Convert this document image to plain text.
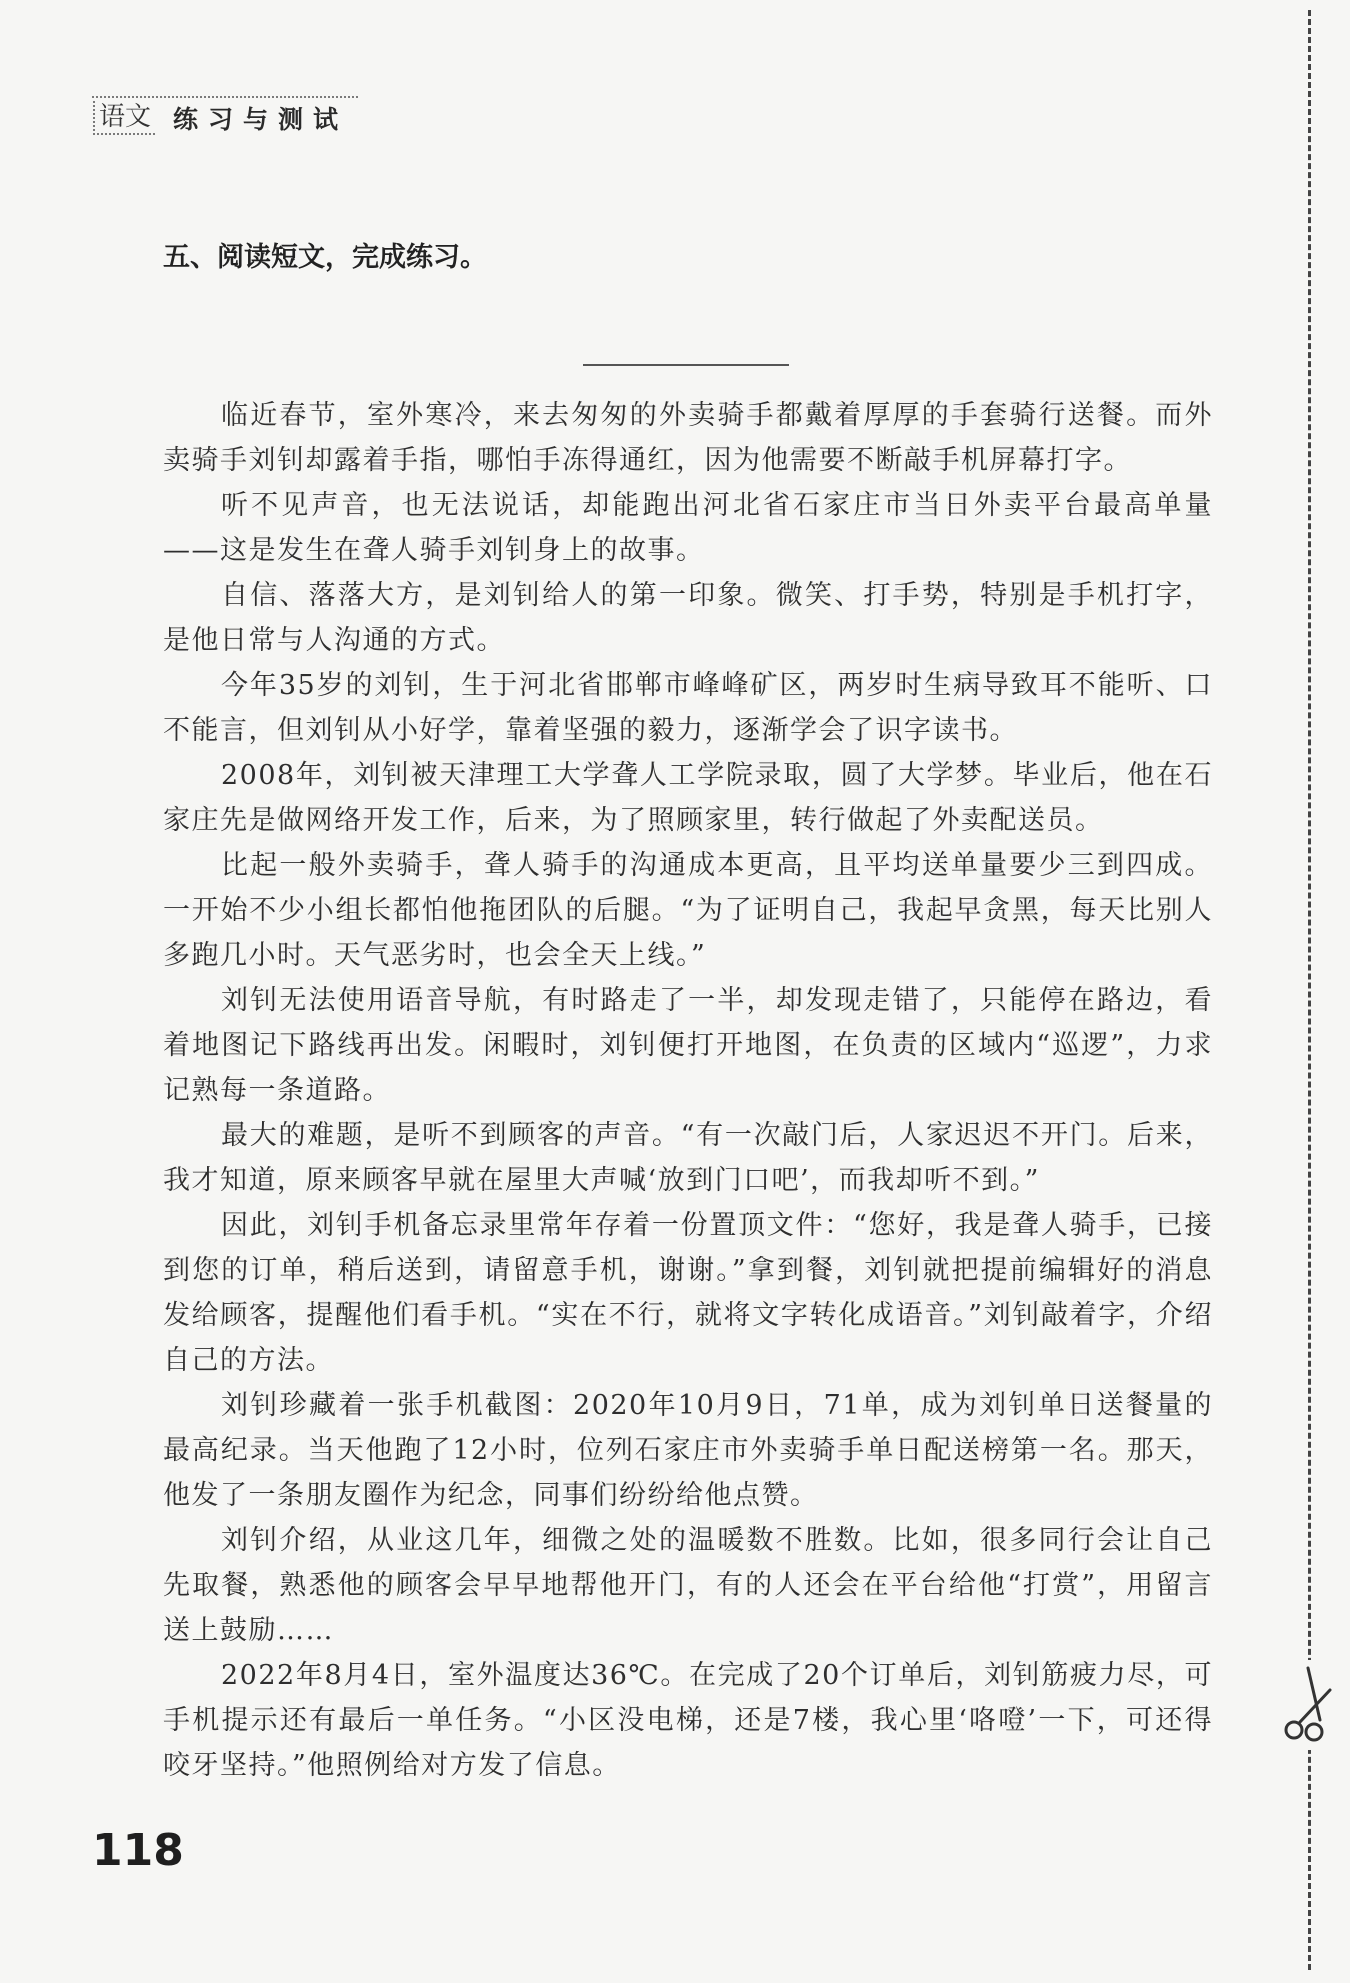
语文 练习与测试
五、阅读短文，完成练习。

临近春节，室外寒冷，来去匆匆的外卖骑手都戴着厚厚的手套骑行送餐。而外卖骑手刘钊却露着手指，哪怕手冻得通红，因为他需要不断敲手机屏幕打字。

听不见声音，也无法说话，却能跑出河北省石家庄市当日外卖平台最高单量——这是发生在聋人骑手刘钊身上的故事。

自信、落落大方，是刘钊给人的第一印象。微笑、打手势，特别是手机打字，是他日常与人沟通的方式。

今年35岁的刘钊，生于河北省邯郸市峰峰矿区，两岁时生病导致耳不能听、口不能言，但刘钊从小好学，靠着坚强的毅力，逐渐学会了识字读书。

2008年，刘钊被天津理工大学聋人工学院录取，圆了大学梦。毕业后，他在石家庄先是做网络开发工作，后来，为了照顾家里，转行做起了外卖配送员。

比起一般外卖骑手，聋人骑手的沟通成本更高，且平均送单量要少三到四成。一开始不少小组长都怕他拖团队的后腿。“为了证明自己，我起早贪黑，每天比别人多跑几小时。天气恶劣时，也会全天上线。”

刘钊无法使用语音导航，有时路走了一半，却发现走错了，只能停在路边，看着地图记下路线再出发。闲暇时，刘钊便打开地图，在负责的区域内“巡逻”，力求记熟每一条道路。

最大的难题，是听不到顾客的声音。“有一次敲门后，人家迟迟不开门。后来，我才知道，原来顾客早就在屋里大声喊‘放到门口吧’，而我却听不到。”

因此，刘钊手机备忘录里常年存着一份置顶文件：“您好，我是聋人骑手，已接到您的订单，稍后送到，请留意手机，谢谢。”拿到餐，刘钊就把提前编辑好的消息发给顾客，提醒他们看手机。“实在不行，就将文字转化成语音。”刘钊敲着字，介绍自己的方法。

刘钊珍藏着一张手机截图：2020年10月9日，71单，成为刘钊单日送餐量的最高纪录。当天他跑了12小时，位列石家庄市外卖骑手单日配送榜第一名。那天，他发了一条朋友圈作为纪念，同事们纷纷给他点赞。

刘钊介绍，从业这几年，细微之处的温暖数不胜数。比如，很多同行会让自己先取餐，熟悉他的顾客会早早地帮他开门，有的人还会在平台给他“打赏”，用留言送上鼓励……

2022年8月4日，室外温度达36℃。在完成了20个订单后，刘钊筋疲力尽，可手机提示还有最后一单任务。“小区没电梯，还是7楼，我心里‘咯噔’一下，可还得咬牙坚持。”他照例给对方发了信息。

118
